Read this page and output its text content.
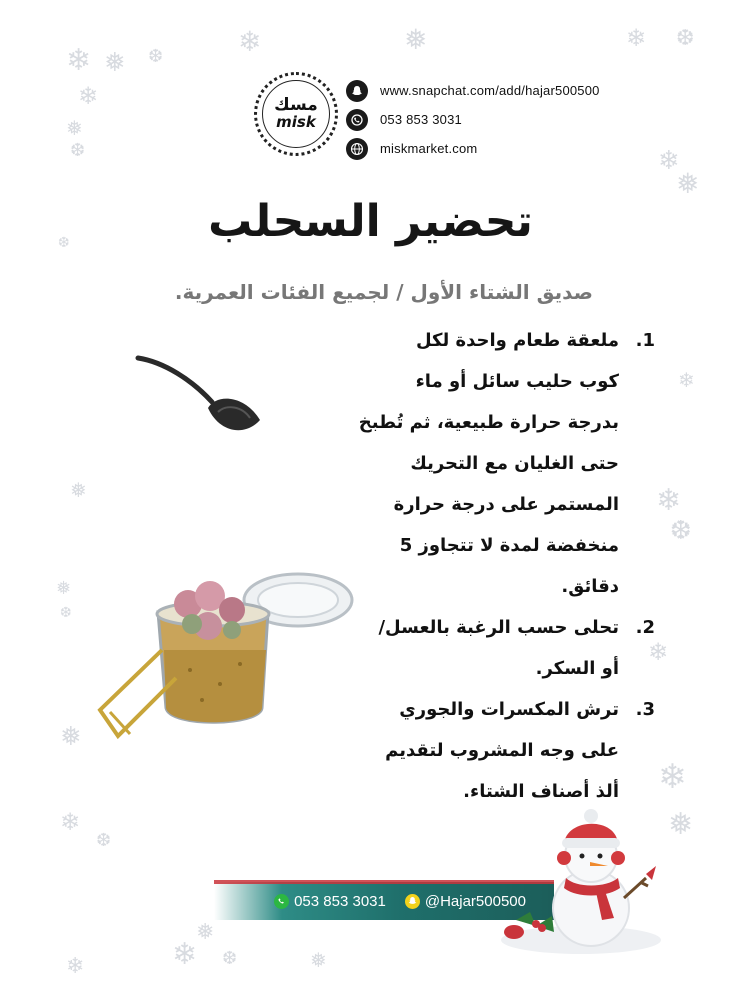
❄ ❅ ❆
❄
❅
❆
❄	❅	❄ ❆
❄
❅
❆
❄
❅	❄
❆
❅
❆
❄
❅
❄
❅
❄
❆
❄
❅
❆	❅
❄
مسك
misk
www.snapchat.com/add/hajar500500
053 853 3031
miskmarket.com
تحضير السحلب
صديق الشتاء الأول / لجميع الفئات العمرية.
1.
ملعقة طعام واحدة لكل
كوب حليب سائل أو ماء
بدرجة حرارة طبيعية، ثم تُطبخ
حتى الغليان مع التحريك
المستمر على درجة حرارة
منخفضة لمدة لا تتجاوز 5
دقائق.
2.
تحلى حسب الرغبة بالعسل/
أو السكر.
3.
ترش المكسرات والجوري
على وجه المشروب لتقديم
ألذ أصناف الشتاء.
053 853 3031	@Hajar500500
